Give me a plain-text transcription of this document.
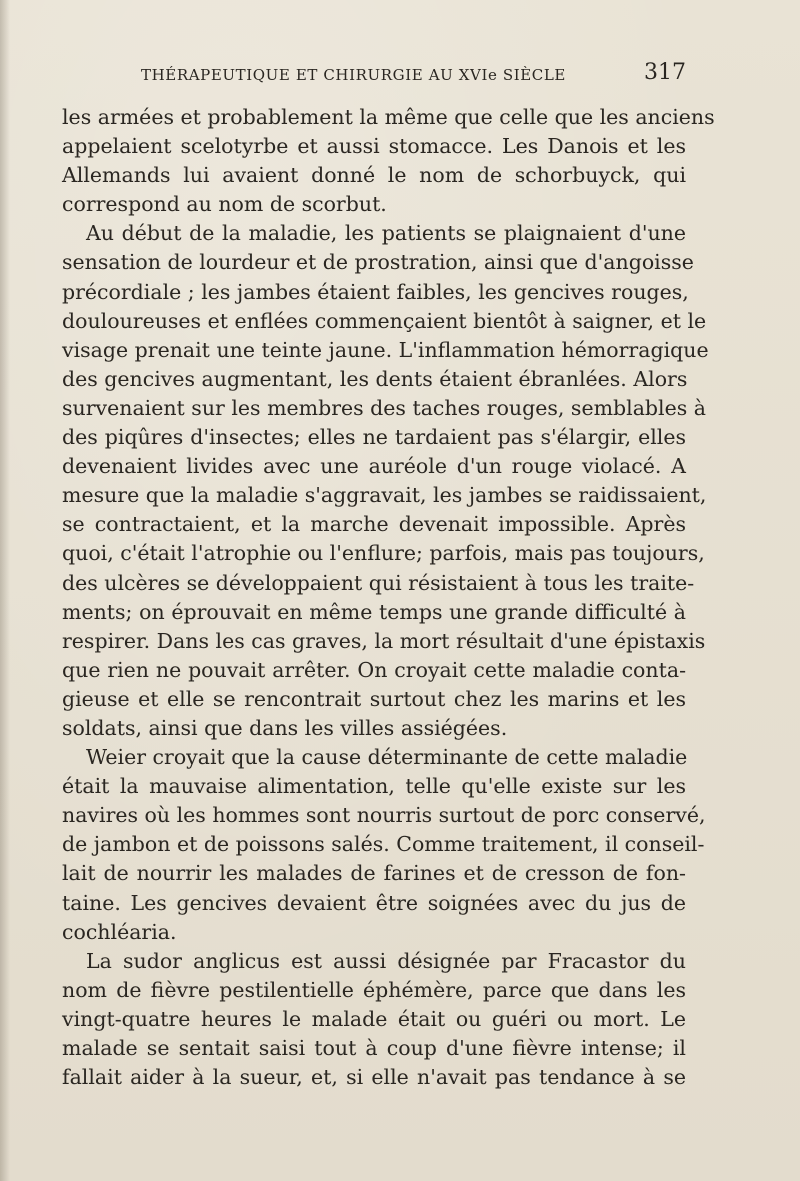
THÉRAPEUTIQUE ET CHIRURGIE AU XVIe SIÈCLE	317
les armées et probablement la même que celle que les anciens
appelaient scelotyrbe et aussi stomacce. Les Danois et les
Allemands lui avaient donné le nom de schorbuyck, qui
correspond au nom de scorbut.
Au début de la maladie, les patients se plaignaient d'une
sensation de lourdeur et de prostration, ainsi que d'angoisse
précordiale ; les jambes étaient faibles, les gencives rouges,
douloureuses et enflées commençaient bientôt à saigner, et le
visage prenait une teinte jaune. L'inflammation hémorragique
des gencives augmentant, les dents étaient ébranlées. Alors
survenaient sur les membres des taches rouges, semblables à
des piqûres d'insectes; elles ne tardaient pas s'élargir, elles
devenaient livides avec une auréole d'un rouge violacé. A
mesure que la maladie s'aggravait, les jambes se raidissaient,
se contractaient, et la marche devenait impossible. Après
quoi, c'était l'atrophie ou l'enflure; parfois, mais pas toujours,
des ulcères se développaient qui résistaient à tous les traite-
ments; on éprouvait en même temps une grande difficulté à
respirer. Dans les cas graves, la mort résultait d'une épistaxis
que rien ne pouvait arrêter. On croyait cette maladie conta-
gieuse et elle se rencontrait surtout chez les marins et les
soldats, ainsi que dans les villes assiégées.
Weier croyait que la cause déterminante de cette maladie
était la mauvaise alimentation, telle qu'elle existe sur les
navires où les hommes sont nourris surtout de porc conservé,
de jambon et de poissons salés. Comme traitement, il conseil-
lait de nourrir les malades de farines et de cresson de fon-
taine. Les gencives devaient être soignées avec du jus de
cochléaria.
La sudor anglicus est aussi désignée par Fracastor du
nom de fièvre pestilentielle éphémère, parce que dans les
vingt-quatre heures le malade était ou guéri ou mort. Le
malade se sentait saisi tout à coup d'une fièvre intense; il
fallait aider à la sueur, et, si elle n'avait pas tendance à se
